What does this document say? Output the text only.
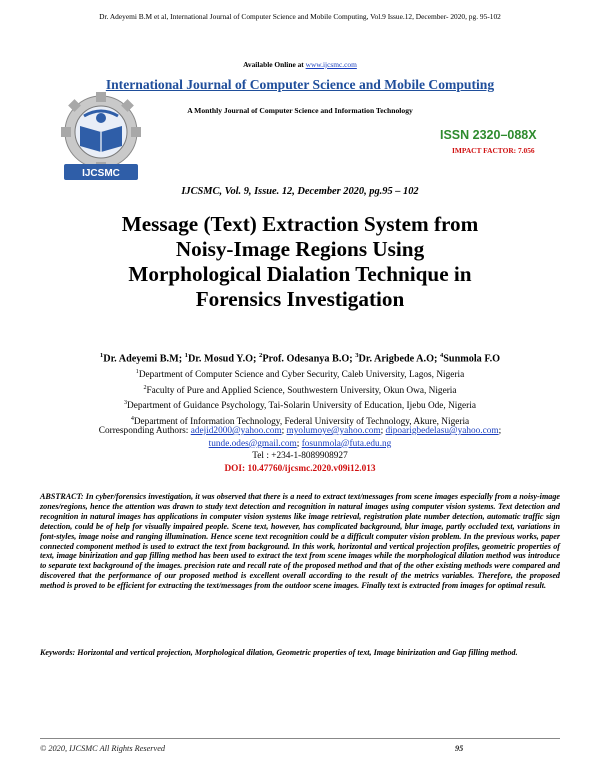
Dr. Adeyemi B.M et al, International Journal of Computer Science and Mobile Computing, Vol.9 Issue.12, December- 2020, pg. 95-102
Available Online at www.ijcsmc.com
International Journal of Computer Science and Mobile Computing
A Monthly Journal of Computer Science and Information Technology
IJCSMC
ISSN 2320–088X
IMPACT FACTOR: 7.056
IJCSMC, Vol. 9, Issue. 12, December 2020, pg.95 – 102
Message (Text) Extraction System from
Noisy-Image Regions Using
Morphological Dialation Technique in
Forensics Investigation
$^1$Dr. Adeyemi B.M; $^1$Dr. Mosud Y.O; $^2$Prof. Odesanya B.O; $^3$Dr. Arigbede A.O; $^4$Sunmola F.O
$^1$Department of Computer Science and Cyber Security, Caleb University, Lagos, Nigeria
$^2$Faculty of Pure and Applied Science, Southwestern University, Okun Owa, Nigeria
$^3$Department of Guidance Psychology, Tai-Solarin University of Education, Ijebu Ode, Nigeria
$^4$Department of Information Technology, Federal University of Technology, Akure, Nigeria
Corresponding Authors: adejid2000@yahoo.com; myolumoye@yahoo.com; dipoarigbedelasu@yahoo.com; tunde.odes@gmail.com; fosunmola@futa.edu.ng
Tel : +234-1-8089908927
DOI: 10.47760/ijcsmc.2020.v09i12.013
ABSTRACT: In cyber/forensics investigation, it was observed that there is a need to extract text/messages from scene images especially from a noisy-image zones/regions, hence the attention was drawn to study text detection and recognition in natural images using computer vision systems. Text detection and recognition in natural images has applications in computer vision systems like image retrieval, registration plate number detection, automatic traffic sign detection, could be of help for visually impaired people. Scene text, however, has complicated background, blur image, partly occluded text, variations in font-styles, image noise and ranging illumination. Hence scene text recognition could be a difficult computer vision problem. In the previous works, paper connected component method is used to extract the text from background. In this work, horizontal and vertical projection profiles, geometric properties of text, image binirization and gap filling method has been used to extract the text from scene images while the morphological dilation method was introduce to separate text background of the images. precision rate and recall rate of the proposed method and that of the other existing methods were compared and discovered that the performance of our proposed method is excellent overall according to the result of the metrics variables. Therefore, the proposed method is proved to be efficient for extracting the text/messages from the outdoor scene images. Finally text is extracted from images for optimal result.
Keywords: Horizontal and vertical projection, Morphological dilation, Geometric properties of text, Image binirization and Gap filling method.
© 2020, IJCSMC All Rights Reserved	95
